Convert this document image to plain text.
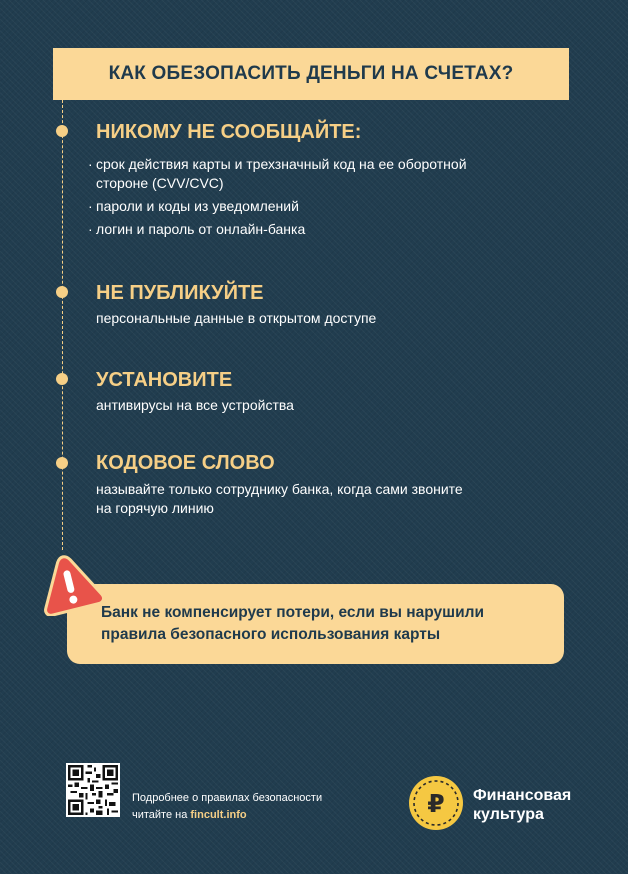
КАК ОБЕЗОПАСИТЬ ДЕНЬГИ НА СЧЕТАХ?
НИКОМУ НЕ СООБЩАЙТЕ:
· срок действия карты и трехзначный код на ее оборотной
стороне (CVV/CVC)
· пароли и коды из уведомлений
· логин и пароль от онлайн-банка
НЕ ПУБЛИКУЙТЕ
персональные данные в открытом доступе
УСТАНОВИТЕ
антивирусы на все устройства
КОДОВОЕ СЛОВО
называйте только сотруднику банка, когда сами звоните
на горячую линию
Банк не компенсирует потери, если вы нарушили
правила безопасного использования карты
Подробнее о правилах безопасности
читайте на fincult.info	₽ Финансовая
культура
